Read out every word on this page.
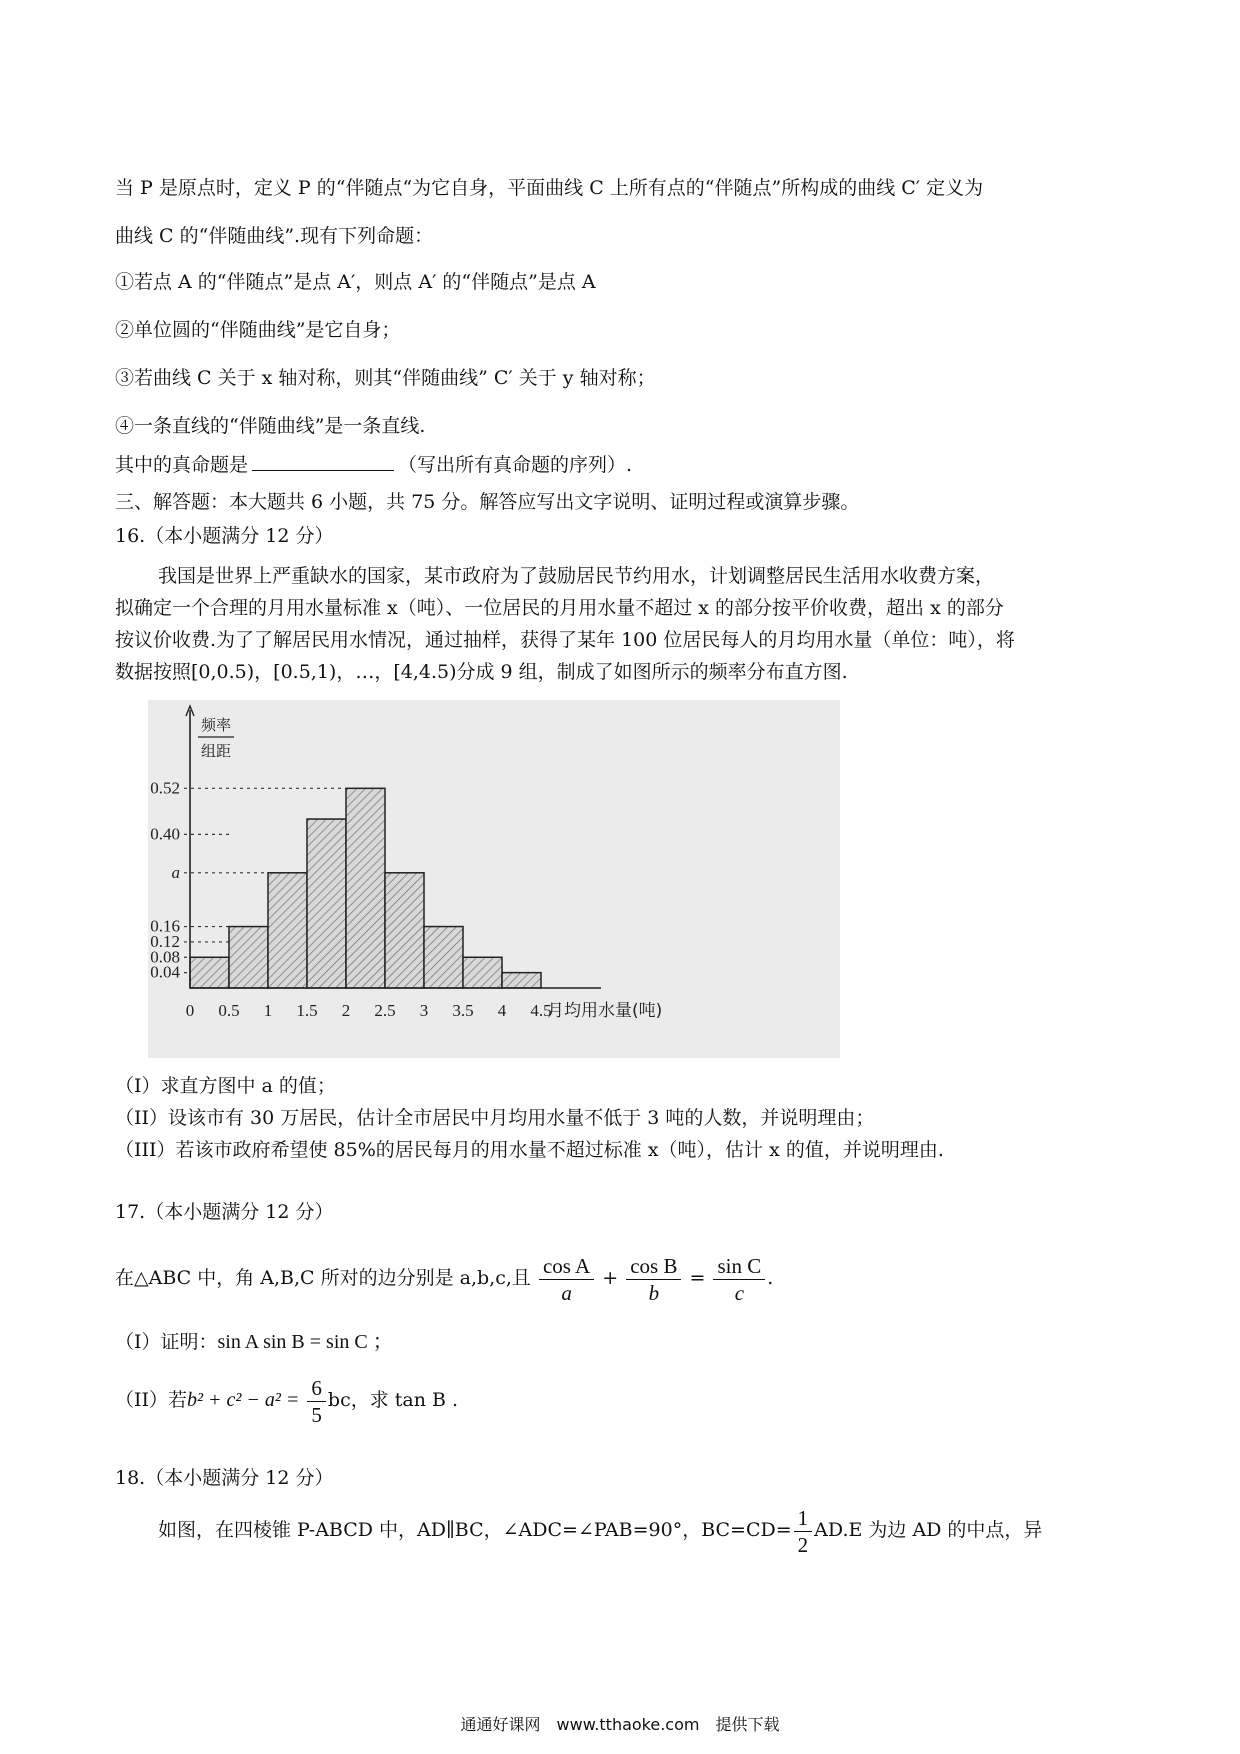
当 P 是原点时，定义 P 的“伴随点“为它自身，平面曲线 C 上所有点的“伴随点”所构成的曲线 C′ 定义为
曲线 C 的“伴随曲线”.现有下列命题：
①若点 A 的“伴随点”是点 A′，则点 A′ 的“伴随点”是点 A
②单位圆的“伴随曲线”是它自身；
③若曲线 C 关于 x 轴对称，则其“伴随曲线” C′ 关于 y 轴对称；
④一条直线的“伴随曲线”是一条直线.
其中的真命题是	（写出所有真命题的序列）.
三、解答题：本大题共 6 小题，共 75 分。解答应写出文字说明、证明过程或演算步骤。
16.（本小题满分 12 分）
我国是世界上严重缺水的国家，某市政府为了鼓励居民节约用水，计划调整居民生活用水收费方案，
拟确定一个合理的月用水量标准 x（吨）、一位居民的月用水量不超过 x 的部分按平价收费，超出 x 的部分
按议价收费.为了了解居民用水情况，通过抽样，获得了某年 100 位居民每人的月均用水量（单位：吨），将
数据按照[0,0.5)，[0.5,1)，…，[4,4.5)分成 9 组，制成了如图所示的频率分布直方图.
0.52
0.40
a
0.16
0.12
0.08
0.04
0 0.5 1 1.5 2 2.5 3 3.5 4 4.5
月均用水量(吨)
频率
组距
（I）求直方图中 a 的值；
（II）设该市有 30 万居民，估计全市居民中月均用水量不低于 3 吨的人数，并说明理由；
（III）若该市政府希望使 85%的居民每月的用水量不超过标准 x（吨），估计 x 的值，并说明理由.
17.（本小题满分 12 分）
在△ABC 中，角 A,B,C 所对的边分别是 a,b,c,且 $\frac{\text{cos A}}{a} + \frac{\text{cos B}}{b} = \frac{\text{sin C}}{c}$ .
（I）证明：sin A sin B = sin C ；
（II）若$b^2 + c^2 - a^2 = \frac{6}{5}$ bc，求 tan B .
18.（本小题满分 12 分）
如图，在四棱锥 P-ABCD 中，AD∥BC，∠ADC=∠PAB=90°，$BC=CD= \frac{1}{2} AD.E$ 为边 AD 的中点，异
通通好课网　www.tthaoke.com　提供下载
